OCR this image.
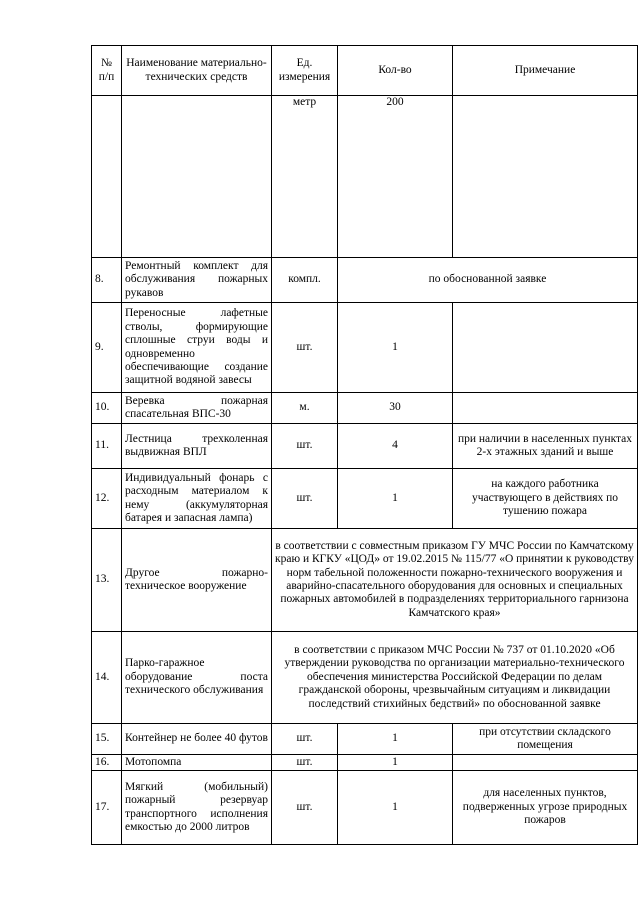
№ п/п	Наименование материально-технических средств	Ед. измерения	Кол-во	Примечание
		метр	200	
8.	Ремонтный комплект для обслуживания пожарных рукавов	компл.	по обоснованной заявке	
9.	Переносные лафетные стволы, формирующие сплошные струи воды и одновременно обеспечивающие создание защитной водяной завесы	шт.	1	
10.	Веревка пожарная спасательная ВПС-30	м.	30	
11.	Лестница трехколенная выдвижная ВПЛ	шт.	4	при наличии в населенных пунктах 2-х этажных зданий и выше
12.	Индивидуальный фонарь с расходным материалом к нему (аккумуляторная батарея и запасная лампа)	шт.	1	на каждого работника участвующего в действиях по тушению пожара
13.	Другое пожарно-техническое вооружение	в соответствии с совместным приказом ГУ МЧС России по Камчатскому краю и КГКУ «ЦОД» от 19.02.2015 № 115/77 «О принятии к руководству норм табельной положенности пожарно-технического вооружения и аварийно-спасательного оборудования для основных и специальных пожарных автомобилей в подразделениях территориального гарнизона Камчатского края»		
14.	Парко-гаражное оборудование поста технического обслуживания	в соответствии с приказом МЧС России № 737 от 01.10.2020 «Об утверждении руководства по организации материально-технического обеспечения министерства Российской Федерации по делам гражданской обороны, чрезвычайным ситуациям и ликвидации последствий стихийных бедствий» по обоснованной заявке		
15.	Контейнер не более 40 футов	шт.	1	при отсутствии складского помещения
16.	Мотопомпа	шт.	1	
17.	Мягкий (мобильный) пожарный резервуар транспортного исполнения емкостью до 2000 литров	шт.	1	для населенных пунктов, подверженных угрозе природных пожаров
